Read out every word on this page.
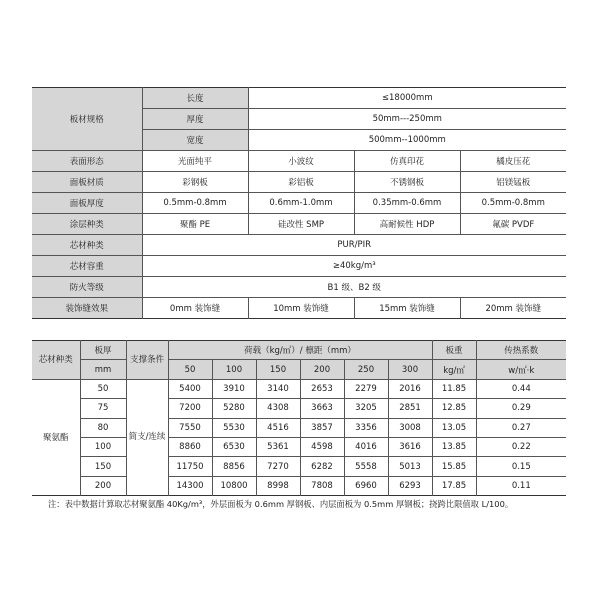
板材规格	长度	≤18000mm		
	厚度	50mm---250mm		
	宽度	500mm--1000mm		
表面形态	光面纯平	小波纹	仿真印花	橘皮压花
面板材质	彩钢板	彩铝板	不锈钢板	铝镁锰板
面板厚度	0.5mm-0.8mm	0.6mm-1.0mm	0.35mm-0.6mm	0.5mm-0.8mm
涂层种类	聚酯 PE	硅改性 SMP	高耐候性 HDP	氟碳 PVDF
芯材种类	PUR/PIR			
芯材容重	≥40kg/m³			
防火等级	B1 级、B2 级			
装饰缝效果	0mm 装饰缝	10mm 装饰缝	15mm 装饰缝	20mm 装饰缝
芯材种类	板厚	支撑条件	荷载（kg/㎡）/ 檩距（mm）						板重	传热系数
	mm		50	100	150	200	250	300	kg/㎡	w/㎡·k
聚氨酯	50	简支/连续	5400	3910	3140	2653	2279	2016	11.85	0.44
	75		7200	5280	4308	3663	3205	2851	12.85	0.29
	80		7550	5530	4516	3857	3356	3008	13.05	0.27
	100		8860	6530	5361	4598	4016	3616	13.85	0.22
	150		11750	8856	7270	6282	5558	5013	15.85	0.15
	200		14300	10800	8998	7808	6960	6293	17.85	0.11
注：表中数据计算取芯材聚氨酯 40Kg/m³，外层面板为 0.6mm 厚钢板、内层面板为 0.5mm 厚钢板；挠跨比限值取 L/100。
